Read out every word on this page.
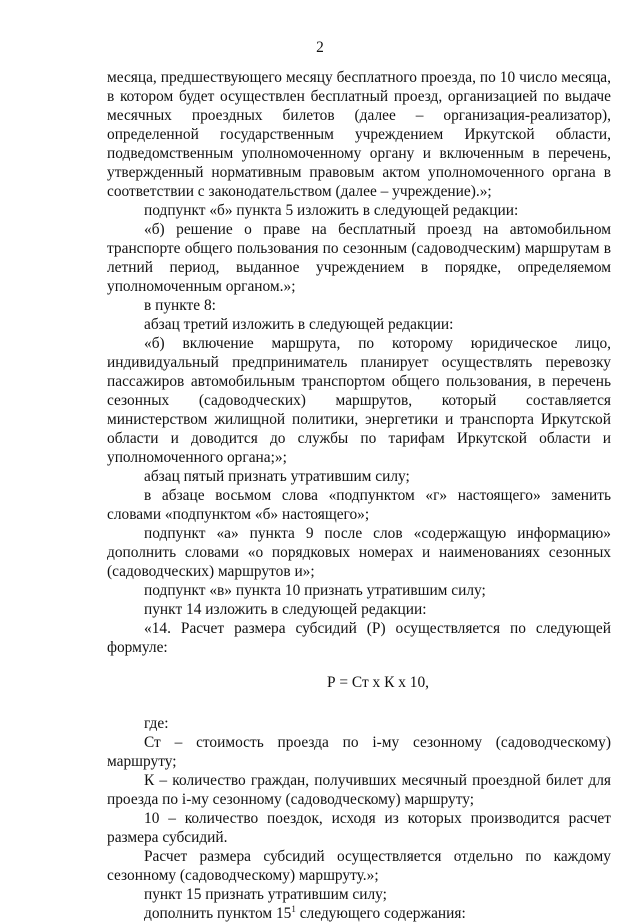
2

месяца, предшествующего месяцу бесплатного проезда, по 10 число месяца, в котором будет осуществлен бесплатный проезд, организацией по выдаче месячных проездных билетов (далее – организация-реализатор), определенной государственным учреждением Иркутской области, подведомственным уполномоченному органу и включенным в перечень, утвержденный нормативным правовым актом уполномоченного органа в соответствии с законодательством (далее – учреждение).»;

подпункт «б» пункта 5 изложить в следующей редакции:

«б) решение о праве на бесплатный проезд на автомобильном транспорте общего пользования по сезонным (садоводческим) маршрутам в летний период, выданное учреждением в порядке, определяемом уполномоченным органом.»;

в пункте 8:

абзац третий изложить в следующей редакции:

«б) включение маршрута, по которому юридическое лицо, индивидуальный предприниматель планирует осуществлять перевозку пассажиров автомобильным транспортом общего пользования, в перечень сезонных (садоводческих) маршрутов, который составляется министерством жилищной политики, энергетики и транспорта Иркутской области и доводится до службы по тарифам Иркутской области и уполномоченного органа;»;

абзац пятый признать утратившим силу;

в абзаце восьмом слова «подпунктом «г» настоящего» заменить словами «подпунктом «б» настоящего»;

подпункт «а» пункта 9 после слов «содержащую информацию» дополнить словами «о порядковых номерах и наименованиях сезонных (садоводческих) маршрутов и»;

подпункт «в» пункта 10 признать утратившим силу;

пункт 14 изложить в следующей редакции:

«14. Расчет размера субсидий (Р) осуществляется по следующей формуле:

Р = Ст х К х 10,

где:

Ст – стоимость проезда по i-му сезонному (садоводческому) маршруту;

К – количество граждан, получивших месячный проездной билет для проезда по i-му сезонному (садоводческому) маршруту;

10 – количество поездок, исходя из которых производится расчет размера субсидий.

Расчет размера субсидий осуществляется отдельно по каждому сезонному (садоводческому) маршруту.»;

пункт 15 признать утратившим силу;

дополнить пунктом $15^1$ следующего содержания:
